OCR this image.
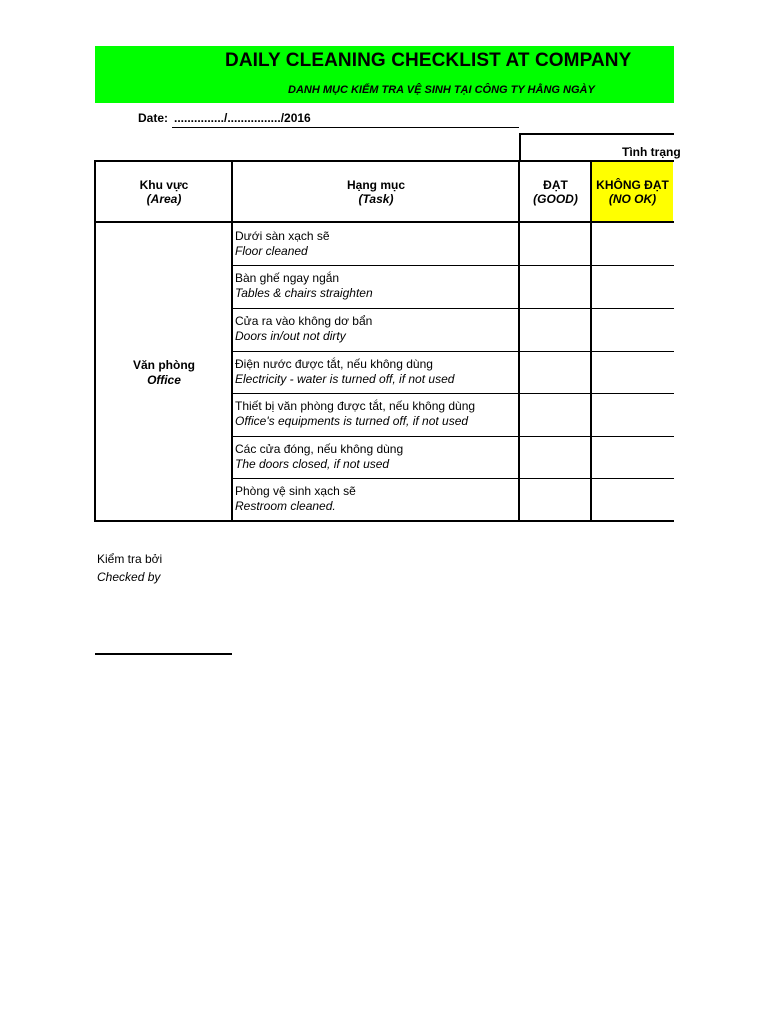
DAILY CLEANING CHECKLIST AT COMPANY
DANH MỤC KIỂM TRA VỆ SINH TẠI CÔNG TY HẰNG NGÀY
Date: .............../................/2016
Tình trạng
Khu vực
(Area)
Hạng mục
(Task)
ĐẠT
(GOOD)
KHÔNG ĐẠT
(NO OK)
Văn phòng
Office
Dưới sàn xạch sẽ
Floor cleaned
Bàn ghế ngay ngắn
Tables & chairs straighten
Cửa ra vào không dơ bẩn
Doors in/out not dirty
Điện nước được tắt, nếu không dùng
Electricity - water is turned off, if not used
Thiết bị văn phòng được tắt, nếu không dùng
Office's equipments is turned off, if not used
Các cửa đóng, nếu không dùng
The doors closed, if not used
Phòng vệ sinh xạch sẽ
Restroom cleaned.
Kiểm tra bởi
Checked by
